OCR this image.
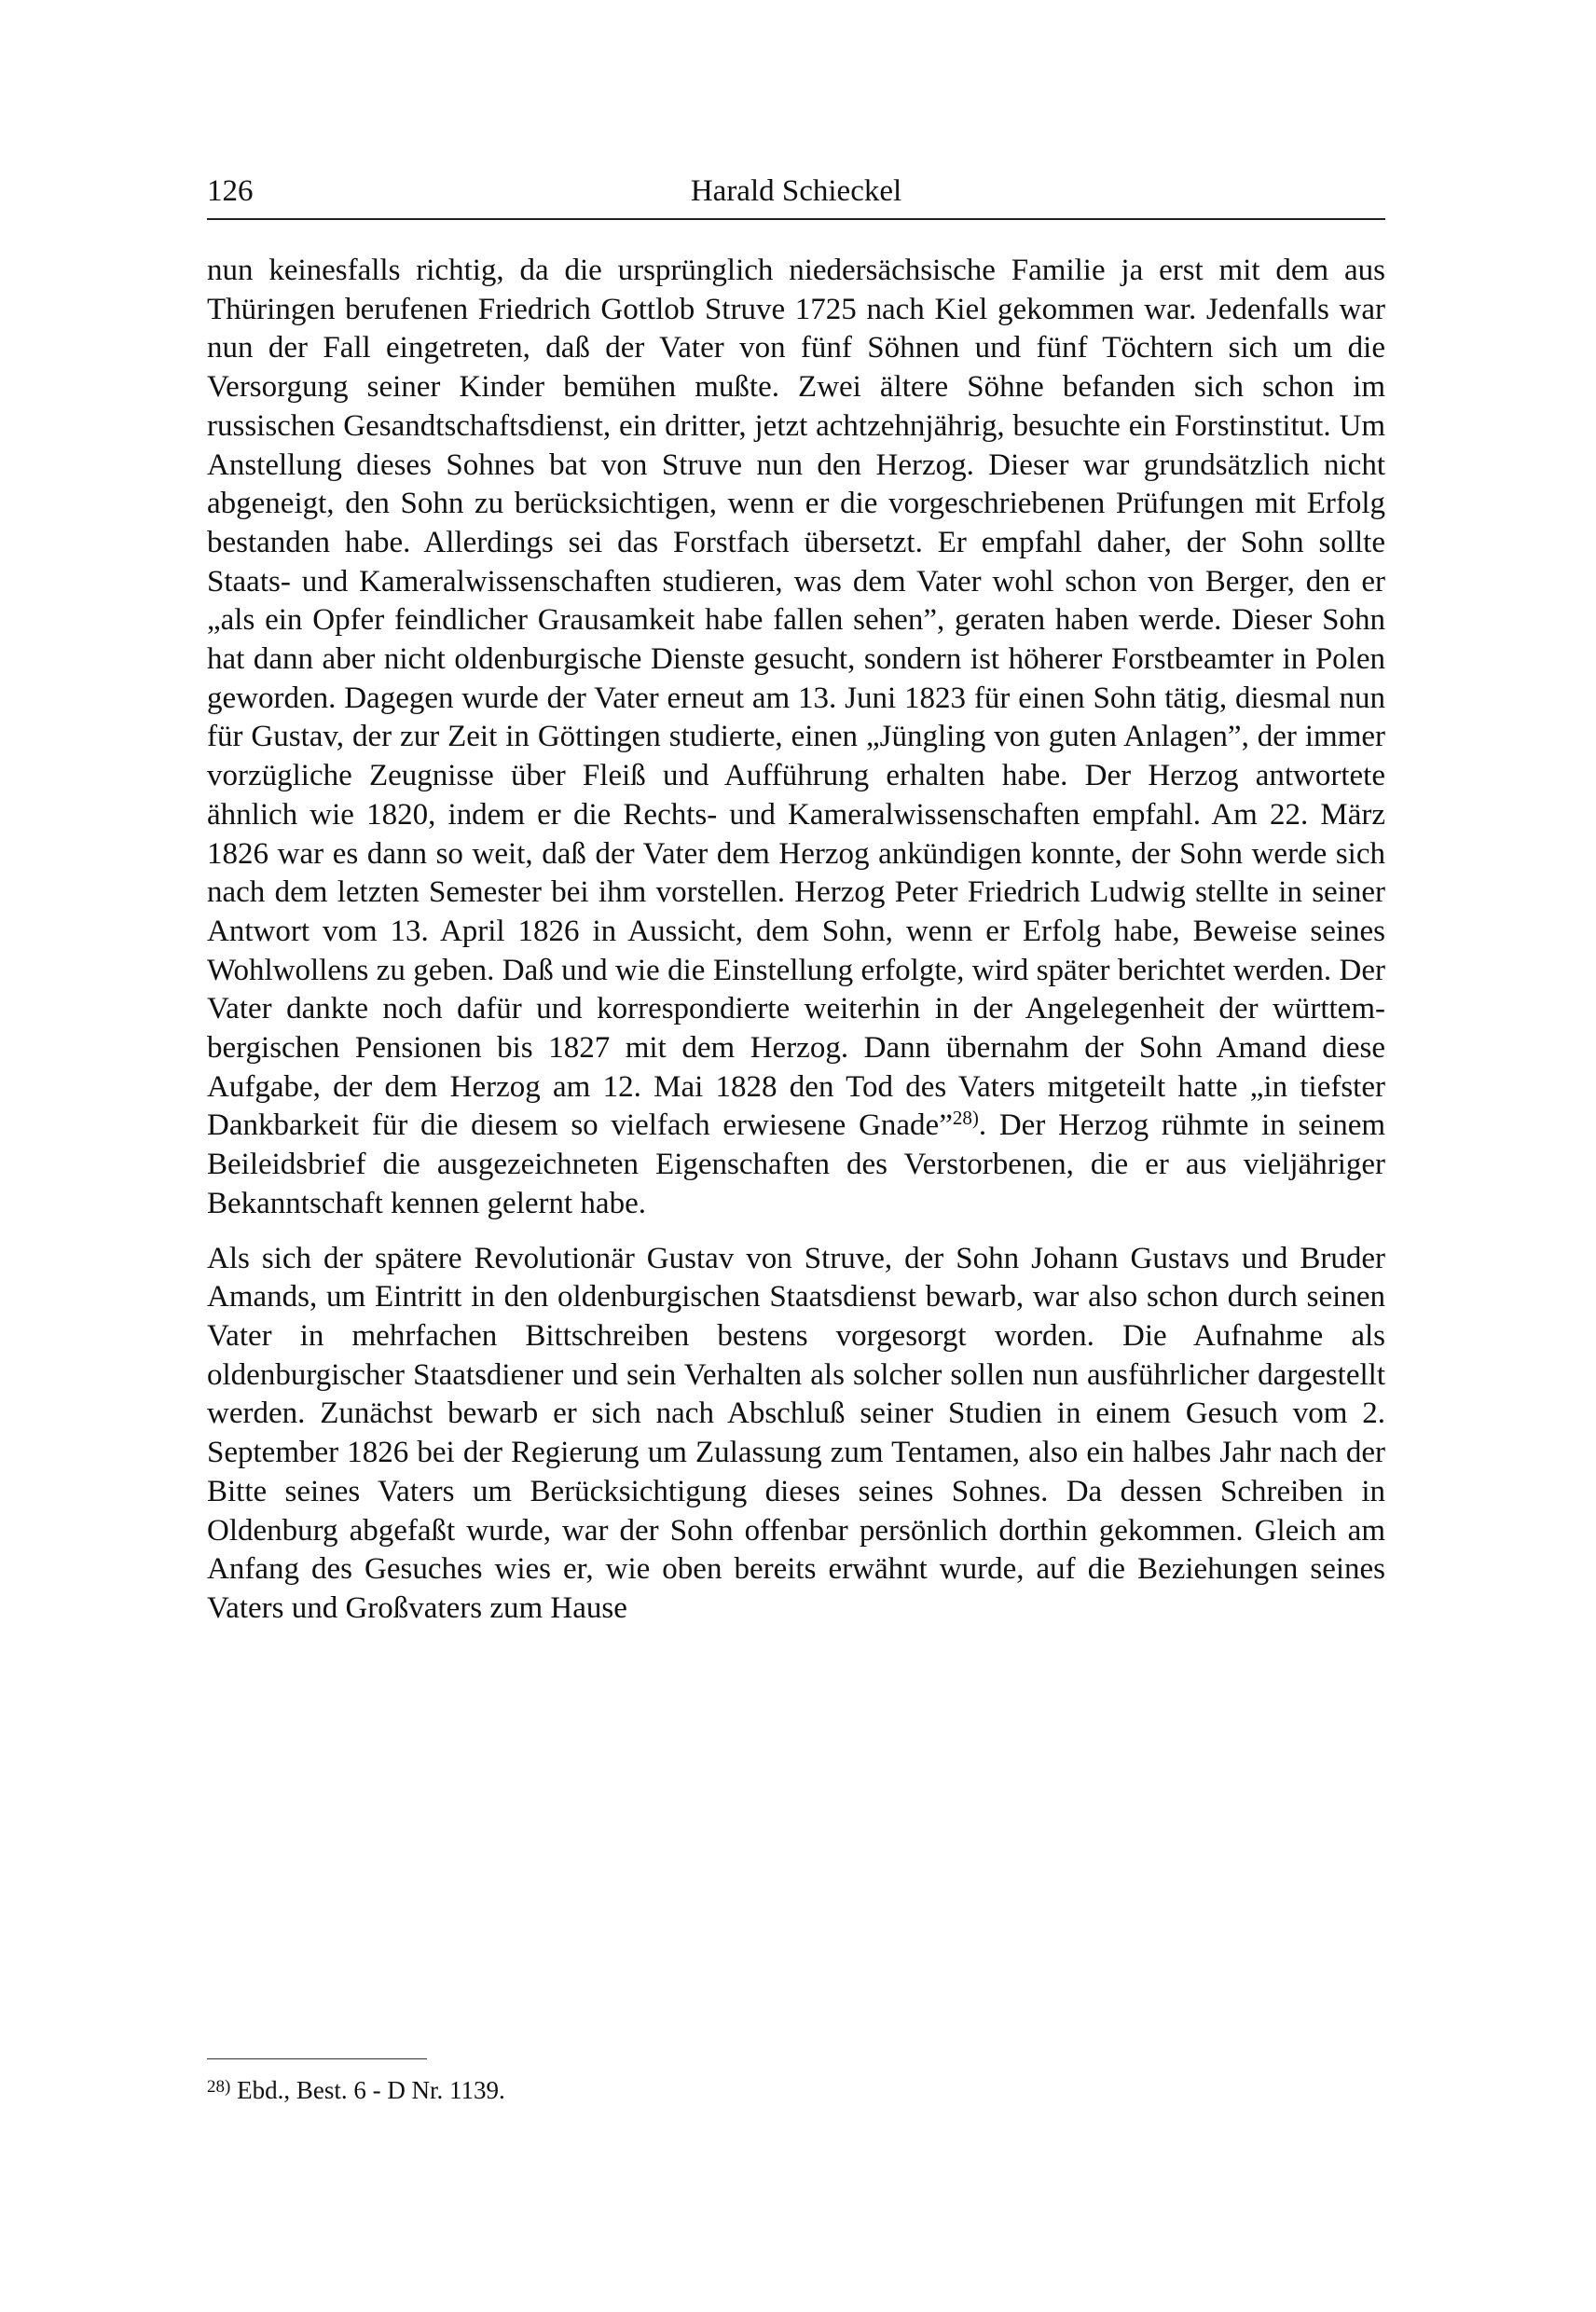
126	Harald Schieckel

nun keinesfalls richtig, da die ursprünglich niedersächsische Familie ja erst mit dem aus Thüringen berufenen Friedrich Gottlob Struve 1725 nach Kiel gekommen war. Jedenfalls war nun der Fall eingetreten, daß der Vater von fünf Söhnen und fünf Töchtern sich um die Versorgung seiner Kinder bemühen mußte. Zwei ältere Söhne befanden sich schon im russischen Gesandtschaftsdienst, ein dritter, jetzt achtzehnjährig, besuchte ein Forstinstitut. Um Anstellung dieses Sohnes bat von Struve nun den Herzog. Dieser war grundsätzlich nicht abgeneigt, den Sohn zu berücksichtigen, wenn er die vorgeschriebenen Prüfungen mit Erfolg bestanden habe. Allerdings sei das Forstfach übersetzt. Er empfahl daher, der Sohn sollte Staats- und Kameralwissenschaften studieren, was dem Vater wohl schon von Berger, den er „als ein Opfer feindlicher Grausamkeit habe fallen sehen”, geraten haben werde. Dieser Sohn hat dann aber nicht oldenburgische Dienste gesucht, sondern ist höherer Forstbeamter in Polen geworden. Dagegen wurde der Vater erneut am 13. Juni 1823 für einen Sohn tätig, diesmal nun für Gustav, der zur Zeit in Göttingen studierte, einen „Jüngling von guten Anlagen”, der immer vorzügliche Zeugnisse über Fleiß und Aufführung erhalten habe. Der Herzog antwortete ähnlich wie 1820, indem er die Rechts- und Kameralwissenschaften empfahl. Am 22. März 1826 war es dann so weit, daß der Vater dem Herzog ankündigen konnte, der Sohn werde sich nach dem letzten Semester bei ihm vorstellen. Herzog Peter Friedrich Ludwig stellte in seiner Antwort vom 13. April 1826 in Aussicht, dem Sohn, wenn er Erfolg habe, Beweise seines Wohlwollens zu geben. Daß und wie die Einstellung erfolgte, wird später berichtet werden. Der Vater dankte noch dafür und korrespondierte weiterhin in der Angelegenheit der württembergischen Pensionen bis 1827 mit dem Herzog. Dann übernahm der Sohn Amand diese Aufgabe, der dem Herzog am 12. Mai 1828 den Tod des Vaters mitgeteilt hatte „in tiefster Dankbarkeit für die diesem so vielfach erwiesene Gnade”$^{28)}$. Der Herzog rühmte in seinem Beileidsbrief die ausgezeichneten Eigenschaften des Verstorbenen, die er aus vieljähriger Bekanntschaft kennen gelernt habe.

Als sich der spätere Revolutionär Gustav von Struve, der Sohn Johann Gustavs und Bruder Amands, um Eintritt in den oldenburgischen Staatsdienst bewarb, war also schon durch seinen Vater in mehrfachen Bittschreiben bestens vorgesorgt worden. Die Aufnahme als oldenburgischer Staatsdiener und sein Verhalten als solcher sollen nun ausführlicher dargestellt werden. Zunächst bewarb er sich nach Abschluß seiner Studien in einem Gesuch vom 2. September 1826 bei der Regierung um Zulassung zum Tentamen, also ein halbes Jahr nach der Bitte seines Vaters um Berücksichtigung dieses seines Sohnes. Da dessen Schreiben in Oldenburg abgefaßt wurde, war der Sohn offenbar persönlich dorthin gekommen. Gleich am Anfang des Gesuches wies er, wie oben bereits erwähnt wurde, auf die Beziehungen seines Vaters und Großvaters zum Hause

$^{28)}$ Ebd., Best. 6 - D Nr. 1139.
